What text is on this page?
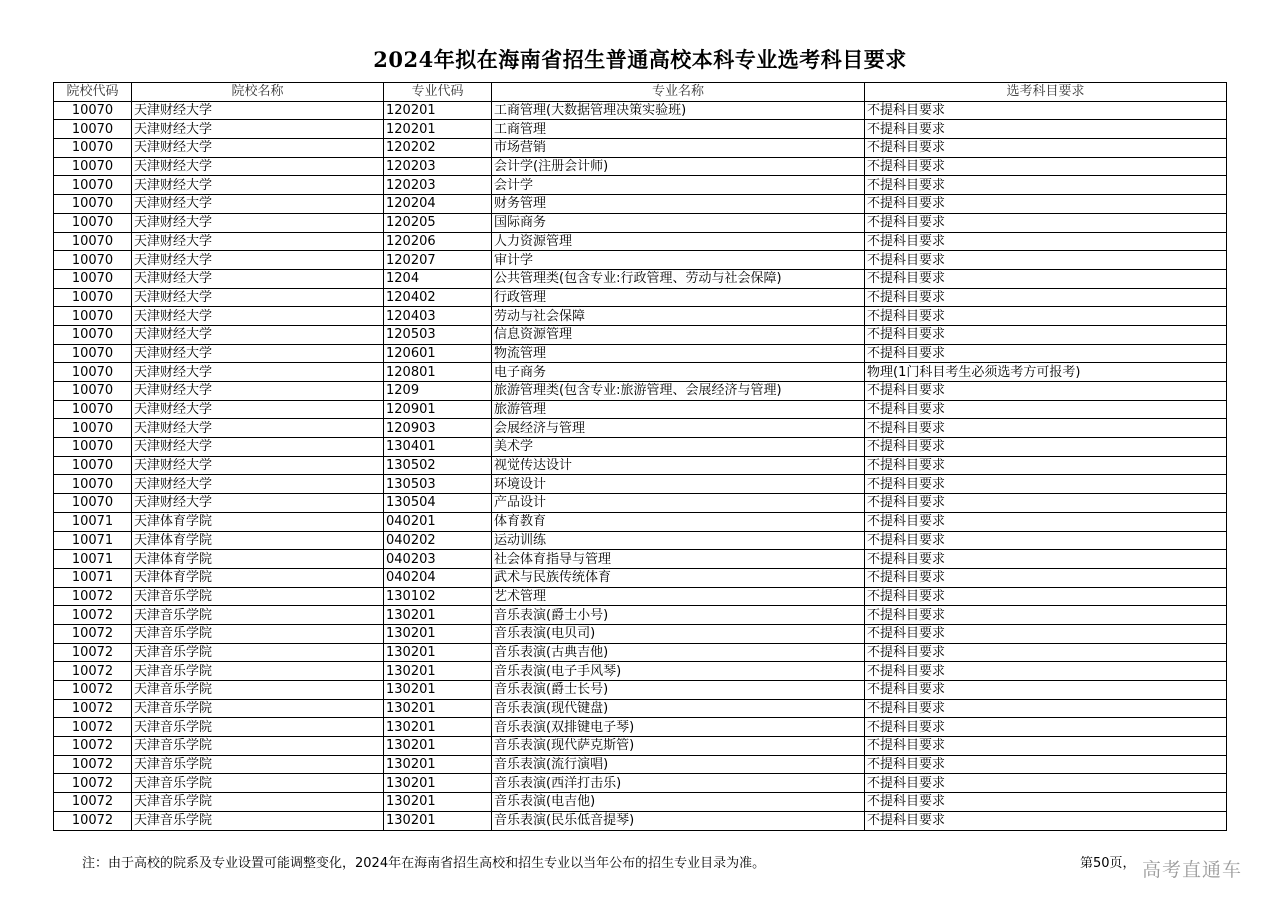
2024年拟在海南省招生普通高校本科专业选考科目要求
院校代码	院校名称	专业代码	专业名称	选考科目要求
10070	天津财经大学	120201	工商管理(大数据管理决策实验班)	不提科目要求
10070	天津财经大学	120201	工商管理	不提科目要求
10070	天津财经大学	120202	市场营销	不提科目要求
10070	天津财经大学	120203	会计学(注册会计师)	不提科目要求
10070	天津财经大学	120203	会计学	不提科目要求
10070	天津财经大学	120204	财务管理	不提科目要求
10070	天津财经大学	120205	国际商务	不提科目要求
10070	天津财经大学	120206	人力资源管理	不提科目要求
10070	天津财经大学	120207	审计学	不提科目要求
10070	天津财经大学	1204	公共管理类(包含专业:行政管理、劳动与社会保障)	不提科目要求
10070	天津财经大学	120402	行政管理	不提科目要求
10070	天津财经大学	120403	劳动与社会保障	不提科目要求
10070	天津财经大学	120503	信息资源管理	不提科目要求
10070	天津财经大学	120601	物流管理	不提科目要求
10070	天津财经大学	120801	电子商务	物理(1门科目考生必须选考方可报考)
10070	天津财经大学	1209	旅游管理类(包含专业:旅游管理、会展经济与管理)	不提科目要求
10070	天津财经大学	120901	旅游管理	不提科目要求
10070	天津财经大学	120903	会展经济与管理	不提科目要求
10070	天津财经大学	130401	美术学	不提科目要求
10070	天津财经大学	130502	视觉传达设计	不提科目要求
10070	天津财经大学	130503	环境设计	不提科目要求
10070	天津财经大学	130504	产品设计	不提科目要求
10071	天津体育学院	040201	体育教育	不提科目要求
10071	天津体育学院	040202	运动训练	不提科目要求
10071	天津体育学院	040203	社会体育指导与管理	不提科目要求
10071	天津体育学院	040204	武术与民族传统体育	不提科目要求
10072	天津音乐学院	130102	艺术管理	不提科目要求
10072	天津音乐学院	130201	音乐表演(爵士小号)	不提科目要求
10072	天津音乐学院	130201	音乐表演(电贝司)	不提科目要求
10072	天津音乐学院	130201	音乐表演(古典吉他)	不提科目要求
10072	天津音乐学院	130201	音乐表演(电子手风琴)	不提科目要求
10072	天津音乐学院	130201	音乐表演(爵士长号)	不提科目要求
10072	天津音乐学院	130201	音乐表演(现代键盘)	不提科目要求
10072	天津音乐学院	130201	音乐表演(双排键电子琴)	不提科目要求
10072	天津音乐学院	130201	音乐表演(现代萨克斯管)	不提科目要求
10072	天津音乐学院	130201	音乐表演(流行演唱)	不提科目要求
10072	天津音乐学院	130201	音乐表演(西洋打击乐)	不提科目要求
10072	天津音乐学院	130201	音乐表演(电吉他)	不提科目要求
10072	天津音乐学院	130201	音乐表演(民乐低音提琴)	不提科目要求
注：由于高校的院系及专业设置可能调整变化，2024年在海南省招生高校和招生专业以当年公布的招生专业目录为准。	第50页， 高考直通车
